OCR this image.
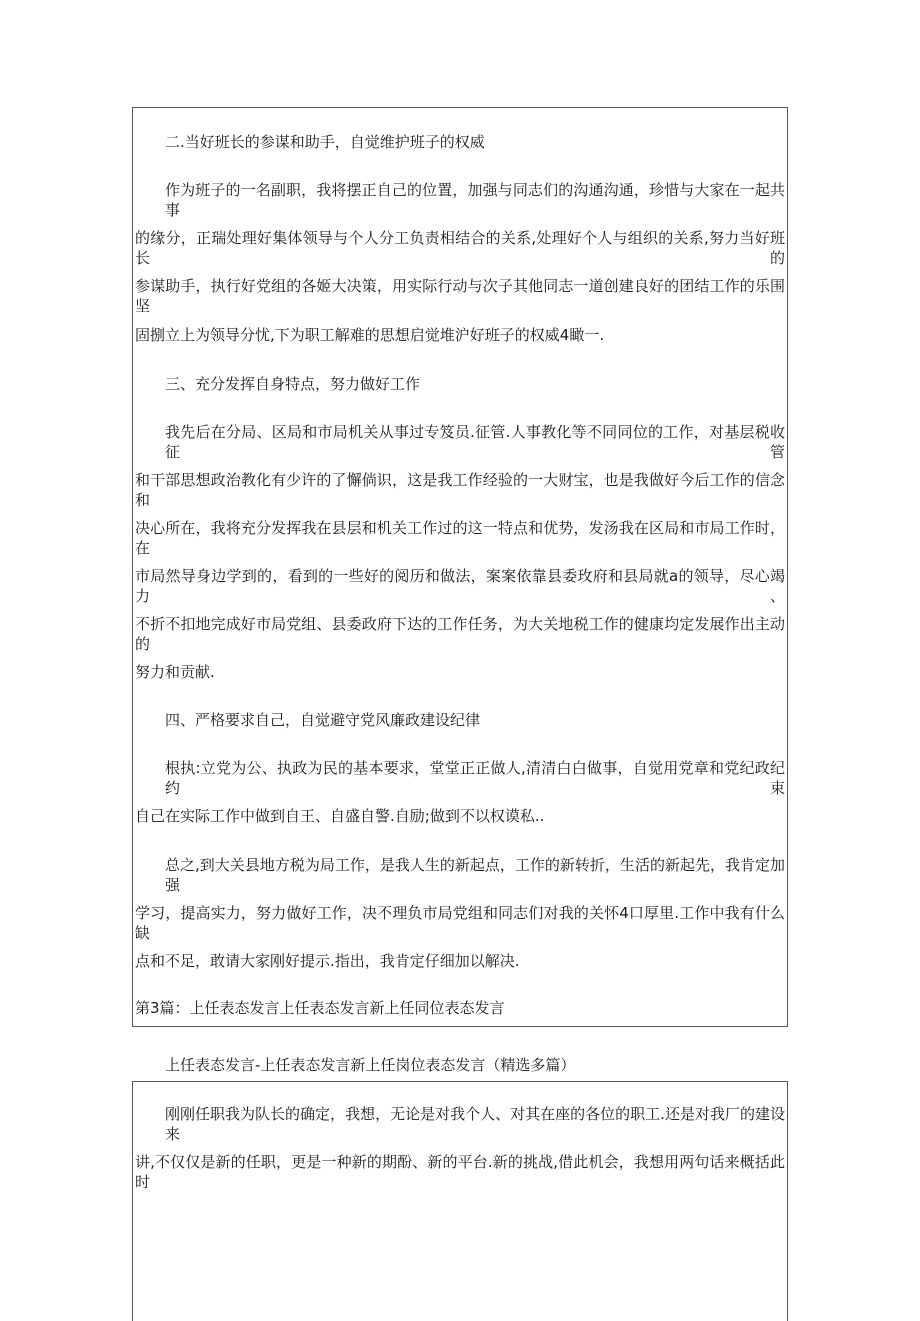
二.当好班长的参谋和助手，自觉维护班子的权威
作为班子的一名副职，我将摆正自己的位置，加强与同志们的沟通沟通，珍惜与大家在一起共事
的缘分，正瑞处理好集体领导与个人分工负责相结合的关系,处理好个人与组织的关系,努力当好班长的
参谋助手，执行好党组的各姬大决策，用实际行动与次子其他同志一道创建良好的团结工作的乐围坚
固捌立上为领导分忧,下为职工解难的思想启觉堆沪好班子的权威4瞰一.
三、充分发挥自身特点，努力做好工作
我先后在分局、区局和市局机关从事过专笈员.征管.人事教化等不同同位的工作，对基层税收征管
和干部思想政治教化有少许的了懈倘识，这是我工作经验的一大财宝，也是我做好今后工作的信念和
决心所在，我将充分发挥我在县层和机关工作过的这一特点和优势，发汤我在区局和市局工作时，在
市局然导身边学到的，看到的一些好的阅历和做法，案案依靠县委玫府和县局就a的领导，尽心竭力、
不折不扣地完成好市局党组、县委政府下达的工作任务，为大关地税工作的健康均定发展作出主动的
努力和贡献.
四、严格要求自己，自觉避守党风廉政建设纪律
根执:立党为公、执政为民的基本要求，堂堂正正做人,清清白白做事，自觉用党章和党纪政纪约束
自己在实际工作中做到自王、自盛自警.自励;做到不以权谟私..
总之,到大关县地方税为局工作，是我人生的新起点，工作的新转折，生活的新起先，我肯定加强
学习，提高实力，努力做好工作，决不理负市局党组和同志们对我的关怀4口厚里.工作中我有什么缺
点和不足，敢请大家刚好提示.指出，我肯定仔细加以解决.
第3篇：上任表态发言上任表态发言新上任同位表态发言
上任表态发言-上任表态发言新上任岗位表态发言（精选多篇）
刚刚任职我为队长的确定，我想，无论是对我个人、对其在座的各位的职工.还是对我厂的建设来
讲,不仅仅是新的任职，更是一种新的期酚、新的平台.新的挑战,借此机会，我想用两句话来概括此时
